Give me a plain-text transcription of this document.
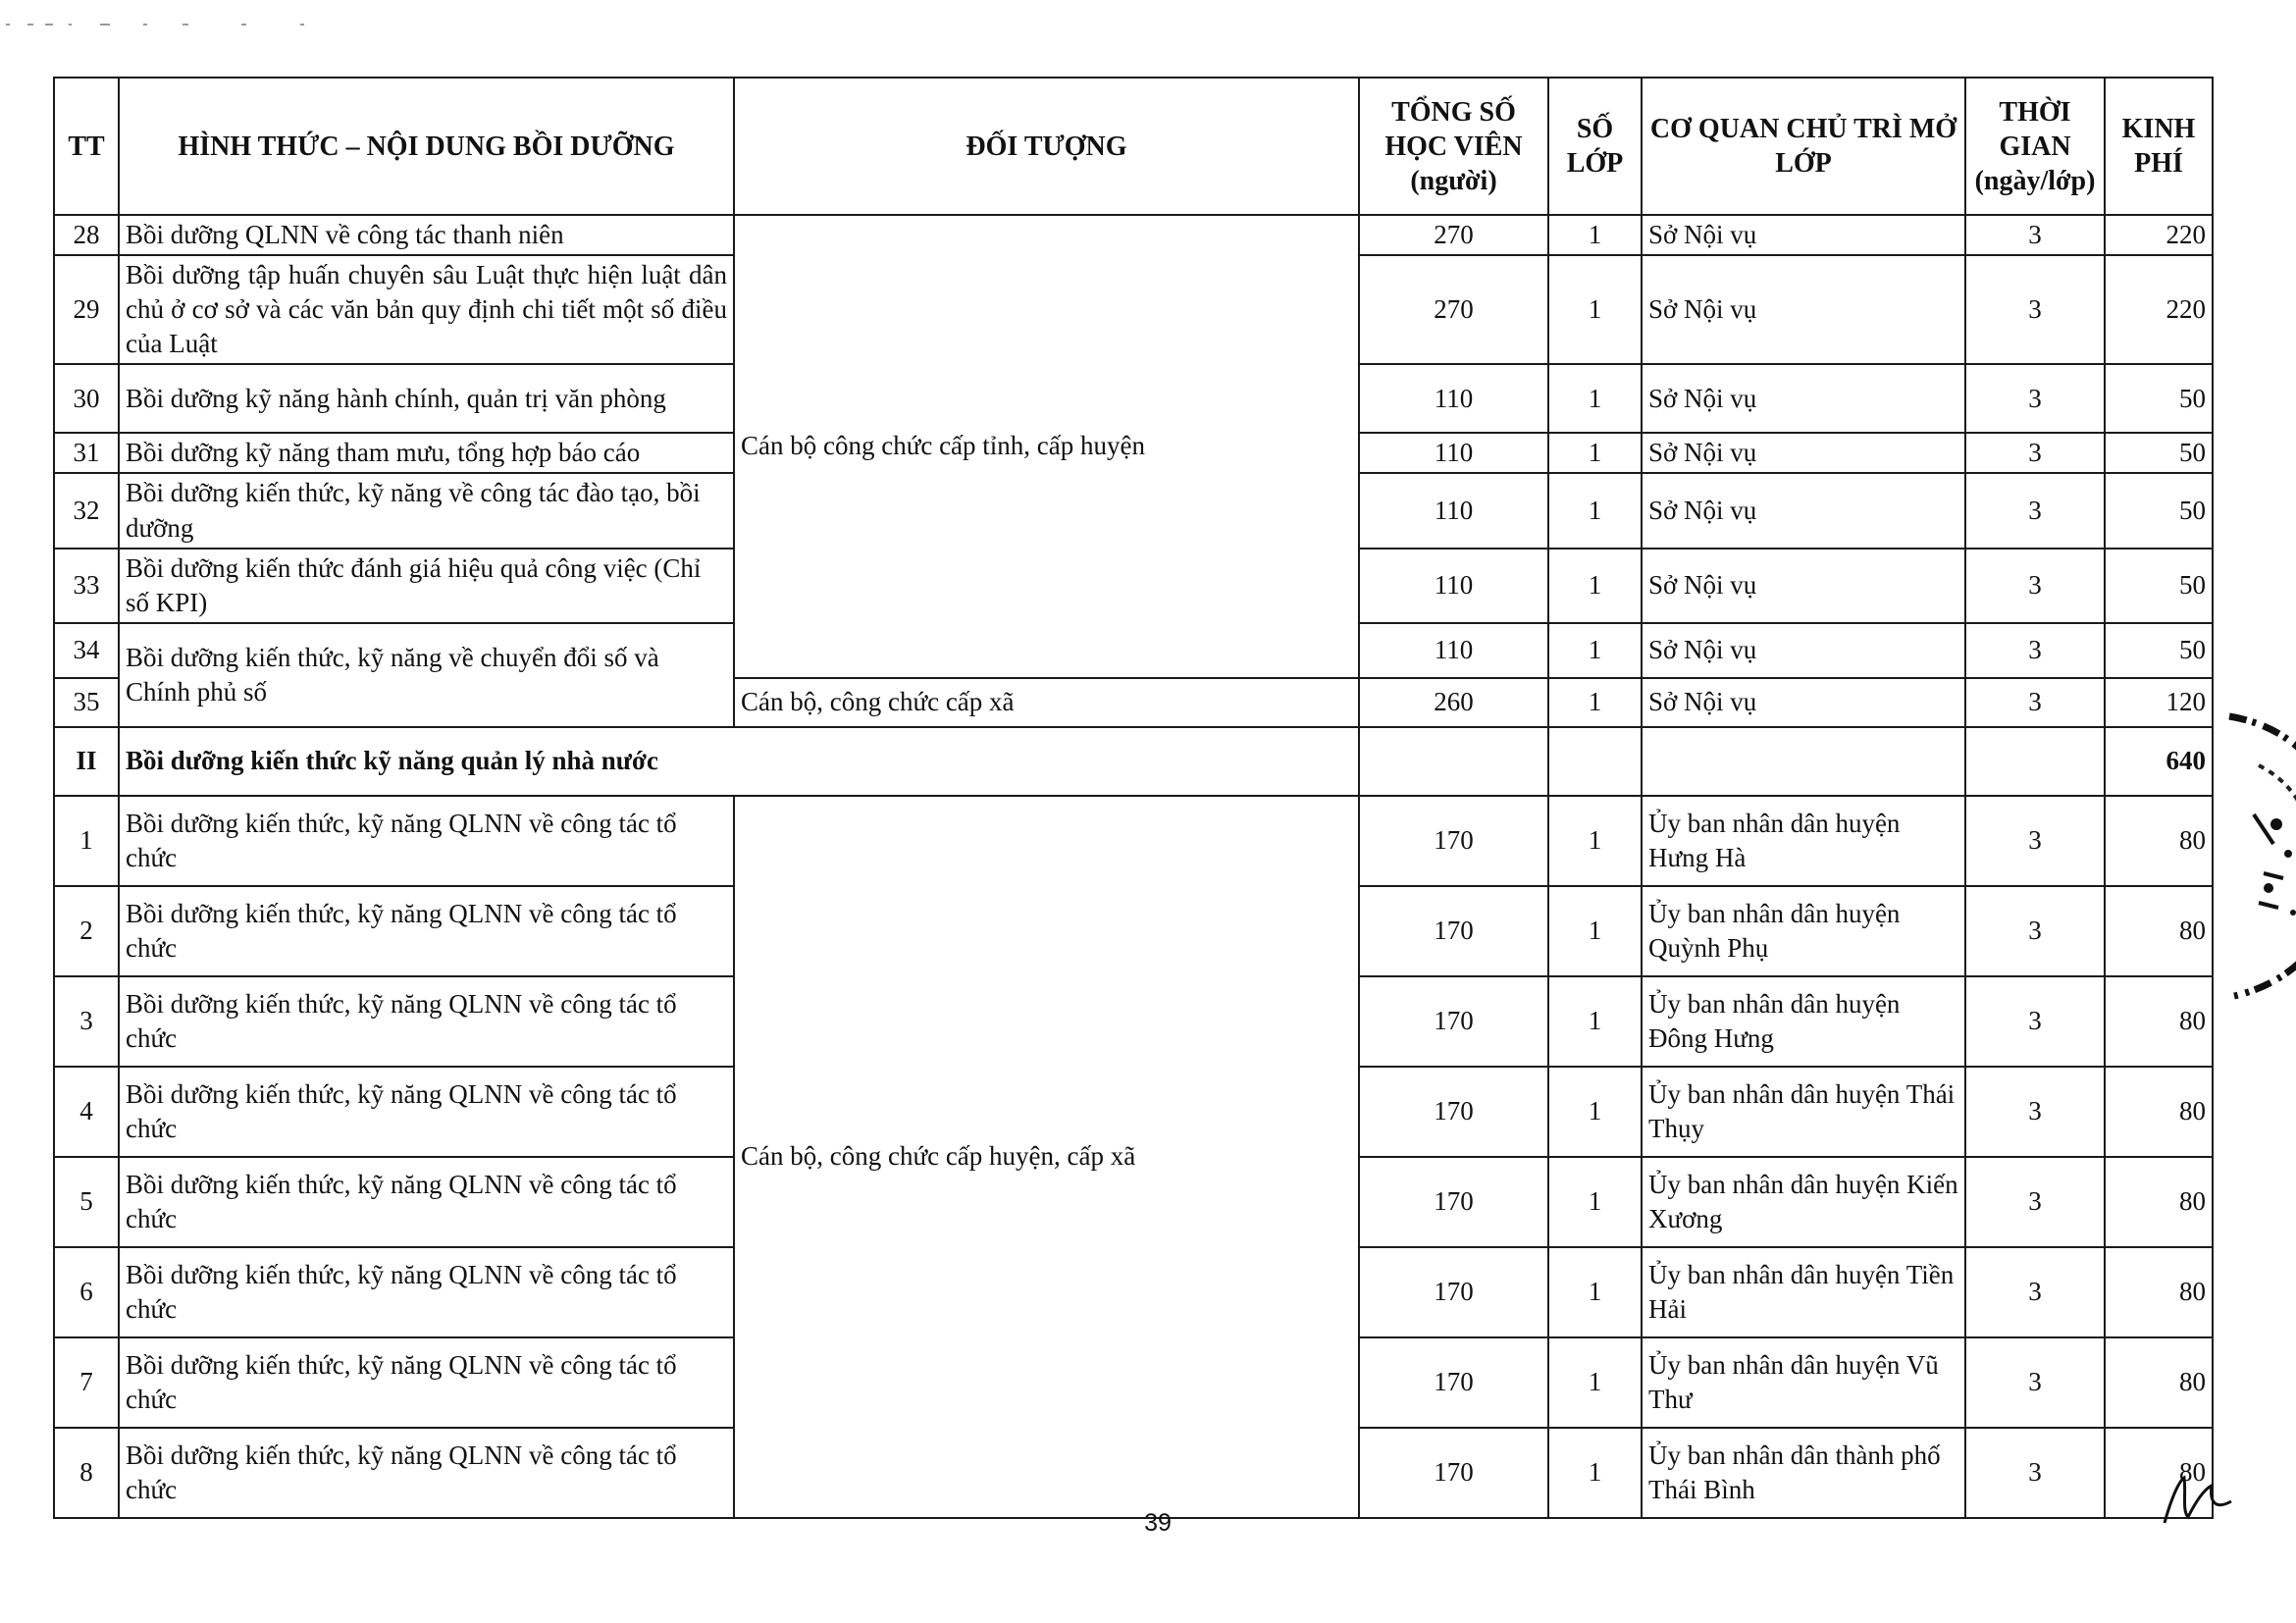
TT	HÌNH THỨC – NỘI DUNG BỒI DƯỠNG	ĐỐI TƯỢNG	TỔNG SỐ HỌC VIÊN (người)	SỐ LỚP	CƠ QUAN CHỦ TRÌ MỞ LỚP	THỜI GIAN (ngày/lớp)	KINH PHÍ
28	Bồi dưỡng QLNN về công tác thanh niên	Cán bộ công chức cấp tỉnh, cấp huyện	270	1	Sở Nội vụ	3	220
29	Bồi dưỡng tập huấn chuyên sâu Luật thực hiện luật dân chủ ở cơ sở và các văn bản quy định chi tiết một số điều của Luật		270	1	Sở Nội vụ	3	220
30	Bồi dưỡng kỹ năng hành chính, quản trị văn phòng		110	1	Sở Nội vụ	3	50
31	Bồi dưỡng kỹ năng tham mưu, tổng hợp báo cáo		110	1	Sở Nội vụ	3	50
32	Bồi dưỡng kiến thức, kỹ năng về công tác đào tạo, bồi dưỡng		110	1	Sở Nội vụ	3	50
33	Bồi dưỡng kiến thức đánh giá hiệu quả công việc (Chỉ số KPI)		110	1	Sở Nội vụ	3	50
34	Bồi dưỡng kiến thức, kỹ năng về chuyển đổi số và Chính phủ số		110	1	Sở Nội vụ	3	50
35		Cán bộ, công chức cấp xã	260	1	Sở Nội vụ	3	120
II	Bồi dưỡng kiến thức kỹ năng quản lý nhà nước						640
1	Bồi dưỡng kiến thức, kỹ năng QLNN về công tác tổ chức	Cán bộ, công chức cấp huyện, cấp xã	170	1	Ủy ban nhân dân huyện Hưng Hà	3	80
2	Bồi dưỡng kiến thức, kỹ năng QLNN về công tác tổ chức		170	1	Ủy ban nhân dân huyện Quỳnh Phụ	3	80
3	Bồi dưỡng kiến thức, kỹ năng QLNN về công tác tổ chức		170	1	Ủy ban nhân dân huyện Đông Hưng	3	80
4	Bồi dưỡng kiến thức, kỹ năng QLNN về công tác tổ chức		170	1	Ủy ban nhân dân huyện Thái Thụy	3	80
5	Bồi dưỡng kiến thức, kỹ năng QLNN về công tác tổ chức		170	1	Ủy ban nhân dân huyện Kiến Xương	3	80
6	Bồi dưỡng kiến thức, kỹ năng QLNN về công tác tổ chức		170	1	Ủy ban nhân dân huyện Tiền Hải	3	80
7	Bồi dưỡng kiến thức, kỹ năng QLNN về công tác tổ chức		170	1	Ủy ban nhân dân huyện Vũ Thư	3	80
8	Bồi dưỡng kiến thức, kỹ năng QLNN về công tác tổ chức		170	1	Ủy ban nhân dân thành phố Thái Bình	3	80
39
